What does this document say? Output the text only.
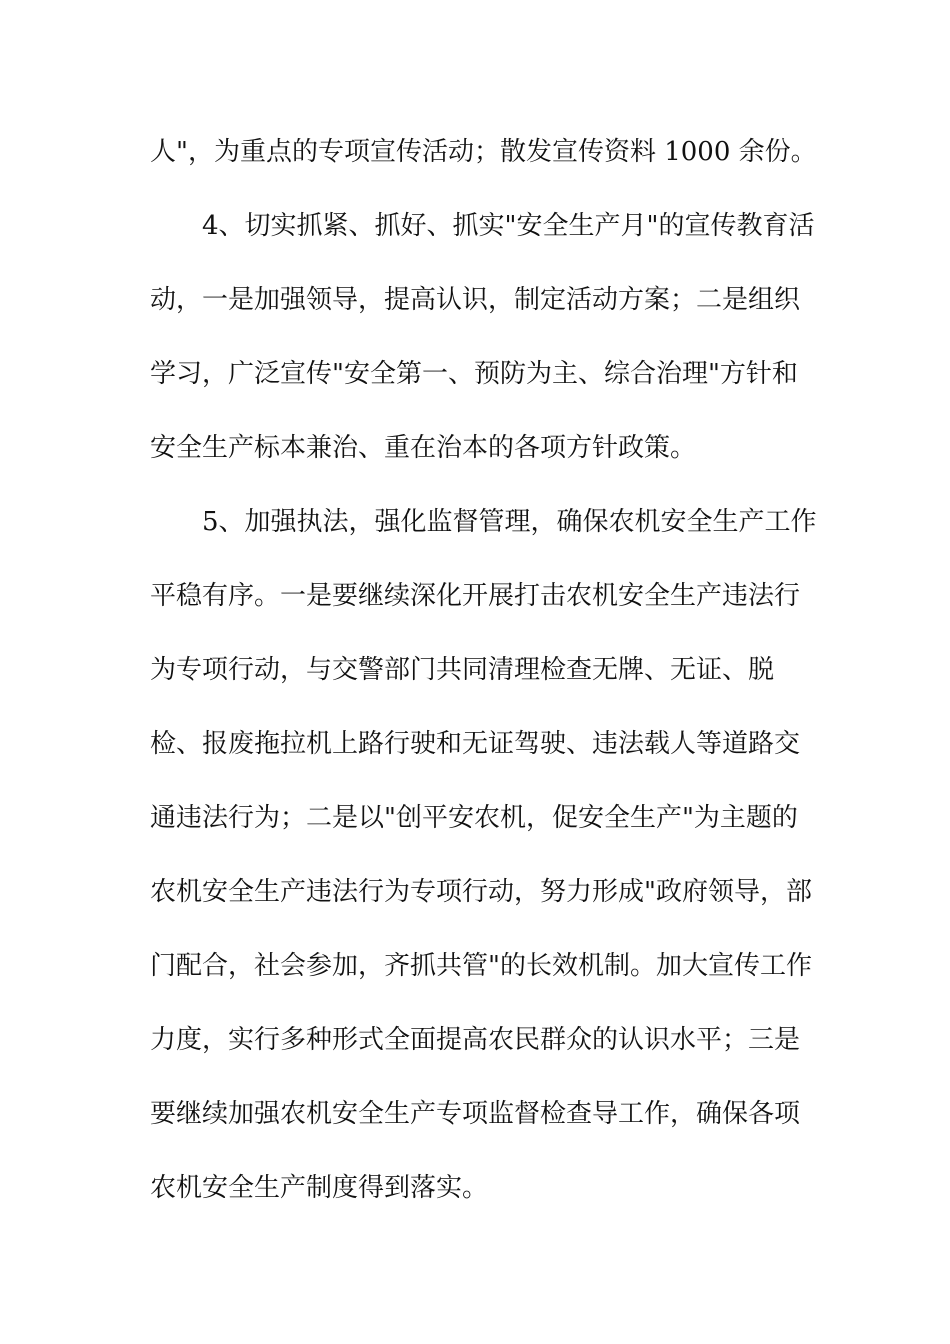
人"，为重点的专项宣传活动；散发宣传资料 1000 余份。
4、切实抓紧、抓好、抓实"安全生产月"的宣传教育活
动，一是加强领导，提高认识，制定活动方案；二是组织
学习，广泛宣传"安全第一、预防为主、综合治理"方针和
安全生产标本兼治、重在治本的各项方针政策。
5、加强执法，强化监督管理，确保农机安全生产工作
平稳有序。一是要继续深化开展打击农机安全生产违法行
为专项行动，与交警部门共同清理检查无牌、无证、脱
检、报废拖拉机上路行驶和无证驾驶、违法载人等道路交
通违法行为；二是以"创平安农机，促安全生产"为主题的
农机安全生产违法行为专项行动，努力形成"政府领导，部
门配合，社会参加，齐抓共管"的长效机制。加大宣传工作
力度，实行多种形式全面提高农民群众的认识水平；三是
要继续加强农机安全生产专项监督检查导工作，确保各项
农机安全生产制度得到落实。
